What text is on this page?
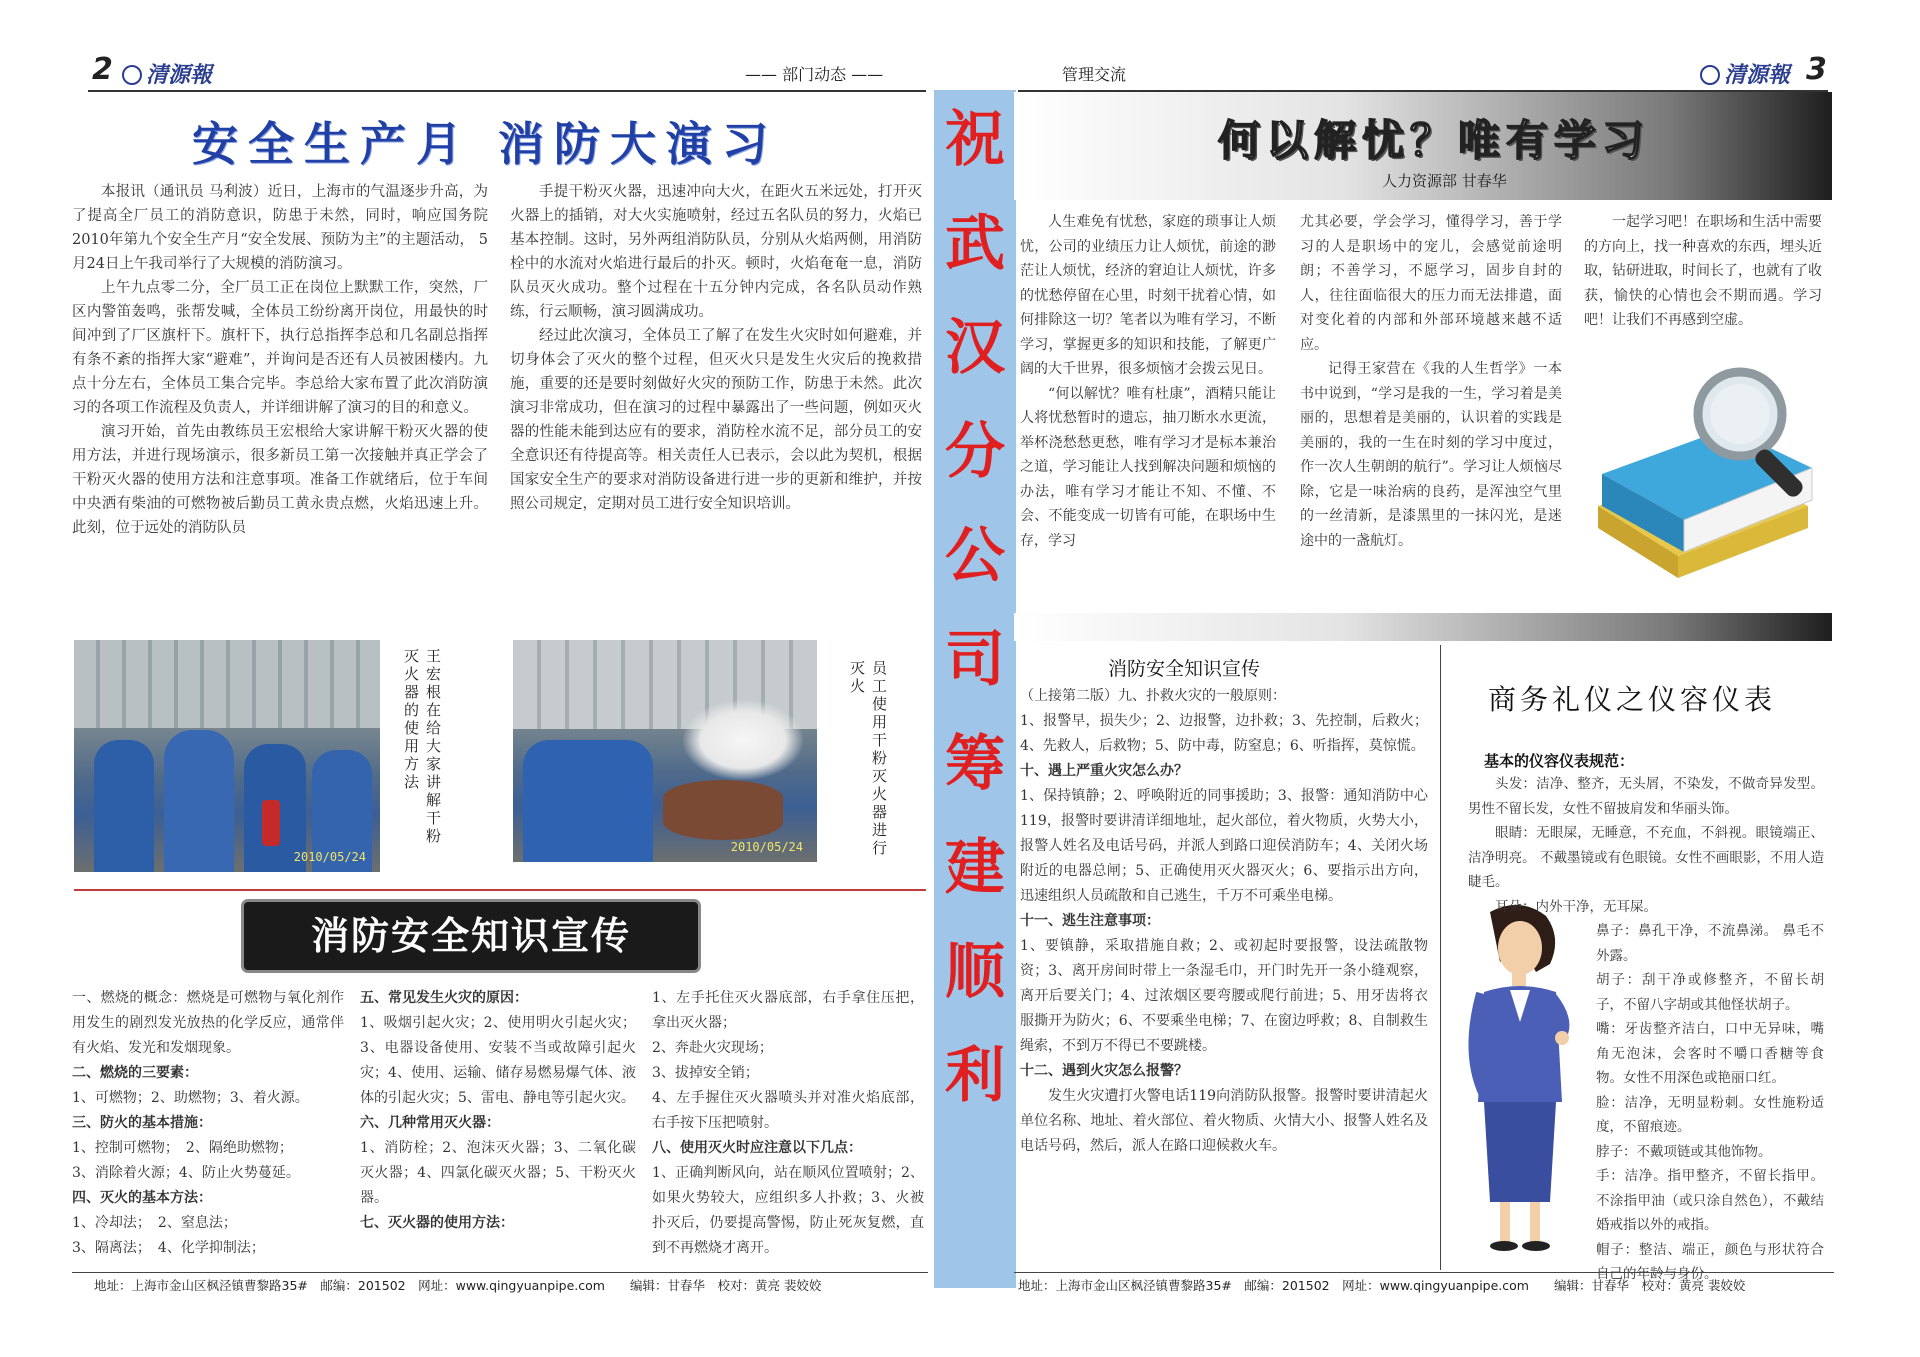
2	清源報	—— 部门动态 ——
安全生产月 消防大演习

本报讯（通讯员 马利波）近日，上海市的气温逐步升高，为了提高全厂员工的消防意识，防患于未然，同时，响应国务院2010年第九个安全生产月“安全发展、预防为主”的主题活动， 5月24日上午我司举行了大规模的消防演习。

上午九点零二分，全厂员工正在岗位上默默工作，突然，厂区内警笛轰鸣，张帮发喊，全体员工纷纷离开岗位，用最快的时间冲到了厂区旗杆下。旗杆下，执行总指挥李总和几名副总指挥有条不紊的指挥大家“避难”，并询问是否还有人员被困楼内。九点十分左右，全体员工集合完毕。李总给大家布置了此次消防演习的各项工作流程及负责人，并详细讲解了演习的目的和意义。

演习开始，首先由教练员王宏根给大家讲解干粉灭火器的使用方法，并进行现场演示，很多新员工第一次接触并真正学会了干粉灭火器的使用方法和注意事项。准备工作就绪后，位于车间中央洒有柴油的可燃物被后勤员工黄永贵点燃，火焰迅速上升。此刻，位于远处的消防队员

手提干粉灭火器，迅速冲向大火，在距火五米远处，打开灭火器上的插销，对大火实施喷射，经过五名队员的努力，火焰已基本控制。这时，另外两组消防队员，分别从火焰两侧，用消防栓中的水流对火焰进行最后的扑灭。顿时，火焰奄奄一息，消防队员灭火成功。整个过程在十五分钟内完成，各名队员动作熟练，行云顺畅，演习圆满成功。

经过此次演习，全体员工了解了在发生火灾时如何避难，并切身体会了灭火的整个过程，但灭火只是发生火灾后的挽救措施，重要的还是要时刻做好火灾的预防工作，防患于未然。此次演习非常成功，但在演习的过程中暴露出了一些问题，例如灭火器的性能未能到达应有的要求，消防栓水流不足，部分员工的安全意识还有待提高等。相关责任人已表示，会以此为契机，根据国家安全生产的要求对消防设备进行进一步的更新和维护，并按照公司规定，定期对员工进行安全知识培训。

2010/05/24
王宏根在给大家讲解干粉灭火器的使用方法
2010/05/24	员工使用干粉灭火器进行灭火
消防安全知识宣传

一、燃烧的概念：燃烧是可燃物与氧化剂作用发生的剧烈发光放热的化学反应，通常伴有火焰、发光和发烟现象。

二、燃烧的三要素：

1、可燃物；2、助燃物；3、着火源。

三、防火的基本措施：

1、控制可燃物；　2、隔绝助燃物；

3、消除着火源；4、防止火势蔓延。

四、灭火的基本方法：

1、冷却法；　2、窒息法；

3、隔离法；　4、化学抑制法；

五、常见发生火灾的原因：

1、吸烟引起火灾；2、使用明火引起火灾；3、电器设备使用、安装不当或故障引起火灾；4、使用、运输、储存易燃易爆气体、液体的引起火灾；5、雷电、静电等引起火灾。

六、几种常用灭火器：

1、消防栓；2、泡沫灭火器；3、二氧化碳灭火器；4、四氯化碳灭火器；5、干粉灭火器。

七、灭火器的使用方法：

1、左手托住灭火器底部，右手拿住压把，拿出灭火器；

2、奔赴火灾现场；

3、拔掉安全销；

4、左手握住灭火器喷头并对准火焰底部，右手按下压把喷射。

八、使用灭火时应注意以下几点：

1、正确判断风向，站在顺风位置喷射；2、如果火势较大，应组织多人扑救；3、火被扑灭后，仍要提高警惕，防止死灰复燃，直到不再燃烧才离开。

地址：上海市金山区枫泾镇曹黎路35#　邮编：201502　网址：www.qingyuanpipe.com　　编辑：甘春华　校对：黄亮 裴姣姣
祝
武
汉
分
公
司
筹
建
顺
利
管理交流	清源報 3
何以解忧？唯有学习
人力资源部 甘春华

人生难免有忧愁，家庭的琐事让人烦忧，公司的业绩压力让人烦忧，前途的渺茫让人烦忧，经济的窘迫让人烦忧，许多的忧愁停留在心里，时刻干扰着心情，如何排除这一切？笔者以为唯有学习，不断学习，掌握更多的知识和技能，了解更广阔的大千世界，很多烦恼才会拨云见日。

“何以解忧？唯有杜康”，酒精只能让人将忧愁暂时的遗忘，抽刀断水水更流，举杯浇愁愁更愁，唯有学习才是标本兼治之道，学习能让人找到解决问题和烦恼的办法，唯有学习才能让不知、不懂、不会、不能变成一切皆有可能，在职场中生存，学习

尤其必要，学会学习，懂得学习，善于学习的人是职场中的宠儿，会感觉前途明朗；不善学习，不愿学习，固步自封的人，往往面临很大的压力而无法排遣，面对变化着的内部和外部环境越来越不适应。

记得王家营在《我的人生哲学》一本书中说到，“学习是我的一生，学习着是美丽的，思想着是美丽的，认识着的实践是美丽的，我的一生在时刻的学习中度过，作一次人生朝朗的航行”。学习让人烦恼尽除，它是一味治病的良药，是浑浊空气里的一丝清新，是漆黑里的一抹闪光，是迷途中的一盏航灯。

一起学习吧！在职场和生活中需要的方向上，找一种喜欢的东西，埋头近取，钻研进取，时间长了，也就有了收获，愉快的心情也会不期而遇。学习吧！让我们不再感到空虚。

消防安全知识宣传

（上接第二版）九、扑救火灾的一般原则：

1、报警早，损失少；2、边报警，边扑救；3、先控制，后救火；4、先救人，后救物；5、防中毒，防窒息；6、听指挥，莫惊慌。

十、遇上严重火灾怎么办？

1、保持镇静；2、呼唤附近的同事援助；3、报警：通知消防中心119，报警时要讲清详细地址，起火部位，着火物质，火势大小，报警人姓名及电话号码，并派人到路口迎侯消防车；4、关闭火场附近的电器总闸；5、正确使用灭火器灭火；6、要指示出方向，迅速组织人员疏散和自己逃生，千万不可乘坐电梯。

十一、逃生注意事项：

1、要镇静，采取措施自救；2、或初起时要报警，设法疏散物资；3、离开房间时带上一条湿毛巾，开门时先开一条小缝观察，离开后要关门；4、过浓烟区要弯腰或爬行前进；5、用牙齿将衣服撕开为防火；6、不要乘坐电梯；7、在窗边呼救；8、自制救生绳索，不到万不得已不要跳楼。

十二、遇到火灾怎么报警？

发生火灾遭打火警电话119向消防队报警。报警时要讲清起火单位名称、地址、着火部位、着火物质、火情大小、报警人姓名及电话号码，然后，派人在路口迎候救火车。

商务礼仪之仪容仪表
基本的仪容仪表规范：

头发：洁净、整齐，无头屑，不染发，不做奇异发型。男性不留长发，女性不留披肩发和华丽头饰。

眼睛：无眼屎，无睡意，不充血，不斜视。眼镜端正、洁净明亮。 不戴墨镜或有色眼镜。女性不画眼影，不用人造睫毛。

耳朵：内外干净，无耳屎。

鼻子：鼻孔干净，不流鼻涕。 鼻毛不外露。

胡子：刮干净或修整齐，不留长胡子，不留八字胡或其他怪状胡子。

嘴：牙齿整齐洁白，口中无异味，嘴角无泡沫，会客时不嚼口香糖等食物。女性不用深色或艳丽口红。

脸：洁净，无明显粉刺。女性施粉适度，不留痕迹。

脖子：不戴项链或其他饰物。

手：洁净。指甲整齐，不留长指甲。不涂指甲油（或只涂自然色），不戴结婚戒指以外的戒指。

帽子：整洁、端正，颜色与形状符合自己的年龄与身份。

地址：上海市金山区枫泾镇曹黎路35#　邮编：201502　网址：www.qingyuanpipe.com　　编辑：甘春华　校对：黄亮 裴姣姣
